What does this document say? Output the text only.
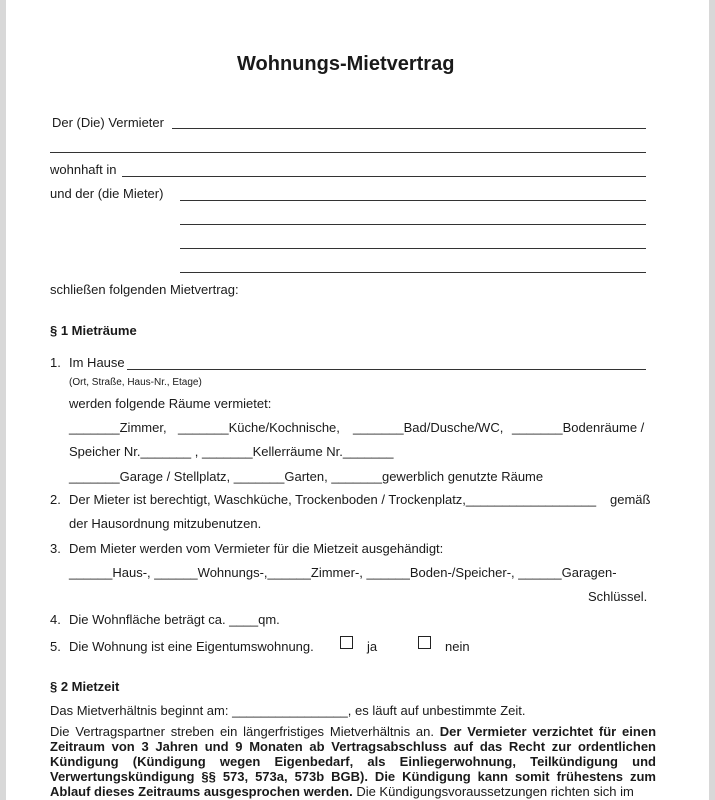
Wohnungs-Mietvertrag
Der (Die) Vermieter
wohnhaft in
und der (die Mieter)
schließen folgenden Mietvertrag:
§ 1 Mieträume
1. Im Hause
(Ort, Straße, Haus-Nr., Etage)
werden folgende Räume vermietet:
_______Zimmer, _______Küche/Kochnische, _______Bad/Dusche/WC, _______Bodenräume /
Speicher Nr._______ , _______Kellerräume Nr._______
_______Garage / Stellplatz, _______Garten, _______gewerblich genutzte Räume
2. Der Mieter ist berechtigt, Waschküche, Trockenboden / Trockenplatz,__________________ gemäß
der Hausordnung mitzubenutzen.
3. Dem Mieter werden vom Vermieter für die Mietzeit ausgehändigt:
______Haus-, ______Wohnungs-,______Zimmer-, ______Boden-/Speicher-, ______Garagen-
Schlüssel.
4. Die Wohnfläche beträgt ca. ____qm.
5. Die Wohnung ist eine Eigentumswohnung.	ja	nein
§ 2 Mietzeit
Das Mietverhältnis beginnt am: ________________, es läuft auf unbestimmte Zeit.
Die Vertragspartner streben ein längerfristiges Mietverhältnis an. Der Vermieter verzichtet für einen Zeitraum von 3 Jahren und 9 Monaten ab Vertragsabschluss auf das Recht zur ordentlichen Kündigung (Kündigung wegen Eigenbedarf, als Einliegerwohnung, Teilkündigung und Verwertungskündigung §§ 573, 573a, 573b BGB). Die Kündigung kann somit frühestens zum Ablauf dieses Zeitraums ausgesprochen werden. Die Kündigungsvoraussetzungen richten sich im
